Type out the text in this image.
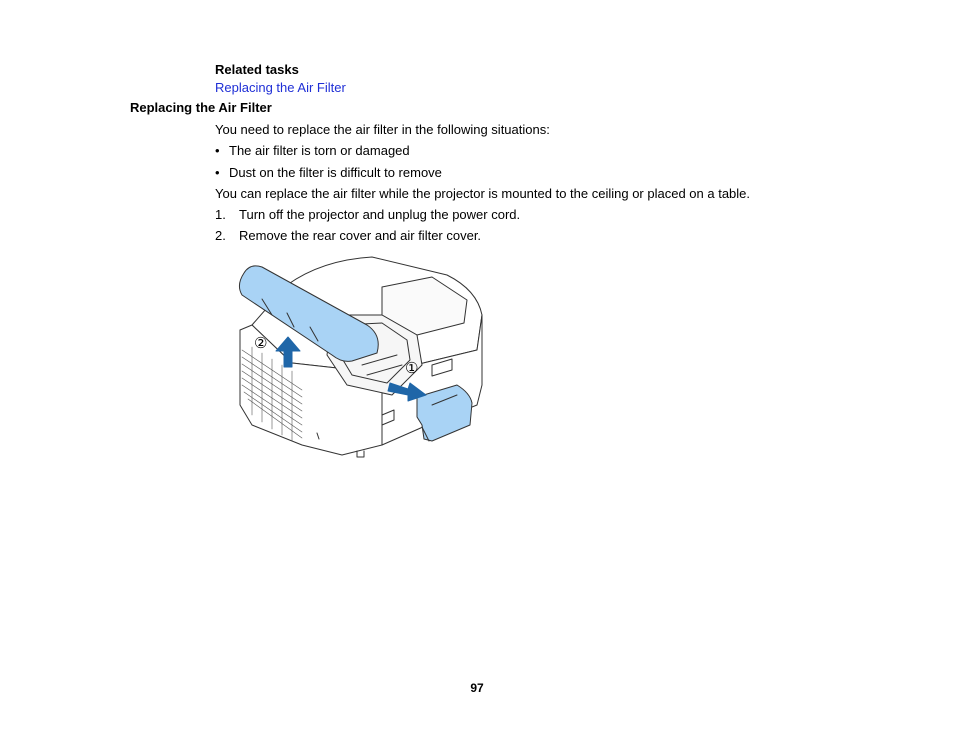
Related tasks
Replacing the Air Filter
Replacing the Air Filter
You need to replace the air filter in the following situations:
• The air filter is torn or damaged
• Dust on the filter is difficult to remove
You can replace the air filter while the projector is mounted to the ceiling or placed on a table.
1. Turn off the projector and unplug the power cord.
2. Remove the rear cover and air filter cover.
②
①
97
